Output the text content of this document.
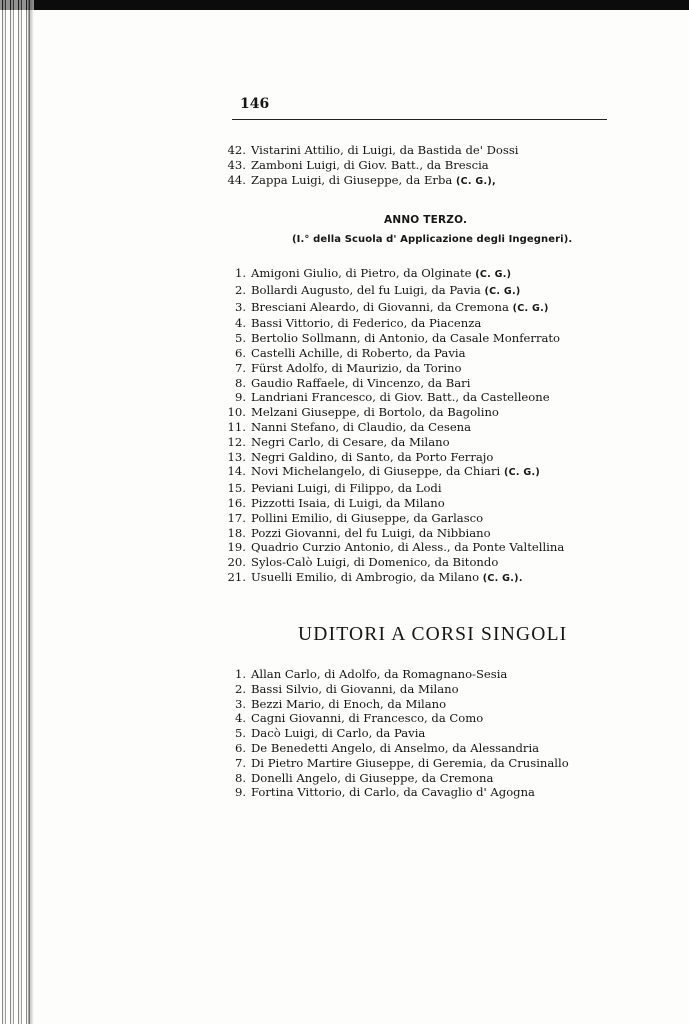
146
42. Vistarini Attilio, di Luigi, da Bastida de' Dossi
43. Zamboni Luigi, di Giov. Batt., da Brescia
44. Zappa Luigi, di Giuseppe, da Erba (C. G.),
ANNO TERZO.
(I.° della Scuola d' Applicazione degli Ingegneri).
1. Amigoni Giulio, di Pietro, da Olginate (C. G.)
2. Bollardi Augusto, del fu Luigi, da Pavia (C. G.)
3. Bresciani Aleardo, di Giovanni, da Cremona (C. G.)
4. Bassi Vittorio, di Federico, da Piacenza
5. Bertolio Sollmann, di Antonio, da Casale Monferrato
6. Castelli Achille, di Roberto, da Pavia
7. Fürst Adolfo, di Maurizio, da Torino
8. Gaudio Raffaele, di Vincenzo, da Bari
9. Landriani Francesco, di Giov. Batt., da Castelleone
10. Melzani Giuseppe, di Bortolo, da Bagolino
11. Nanni Stefano, di Claudio, da Cesena
12. Negri Carlo, di Cesare, da Milano
13. Negri Galdino, di Santo, da Porto Ferrajo
14. Novi Michelangelo, di Giuseppe, da Chiari (C. G.)
15. Peviani Luigi, di Filippo, da Lodi
16. Pizzotti Isaia, di Luigi, da Milano
17. Pollini Emilio, di Giuseppe, da Garlasco
18. Pozzi Giovanni, del fu Luigi, da Nibbiano
19. Quadrio Curzio Antonio, di Aless., da Ponte Valtellina
20. Sylos-Calò Luigi, di Domenico, da Bitondo
21. Usuelli Emilio, di Ambrogio, da Milano (C. G.).
UDITORI A CORSI SINGOLI
1. Allan Carlo, di Adolfo, da Romagnano-Sesia
2. Bassi Silvio, di Giovanni, da Milano
3. Bezzi Mario, di Enoch, da Milano
4. Cagni Giovanni, di Francesco, da Como
5. Dacò Luigi, di Carlo, da Pavia
6. De Benedetti Angelo, di Anselmo, da Alessandria
7. Di Pietro Martire Giuseppe, di Geremia, da Crusinallo
8. Donelli Angelo, di Giuseppe, da Cremona
9. Fortina Vittorio, di Carlo, da Cavaglio d' Agogna
